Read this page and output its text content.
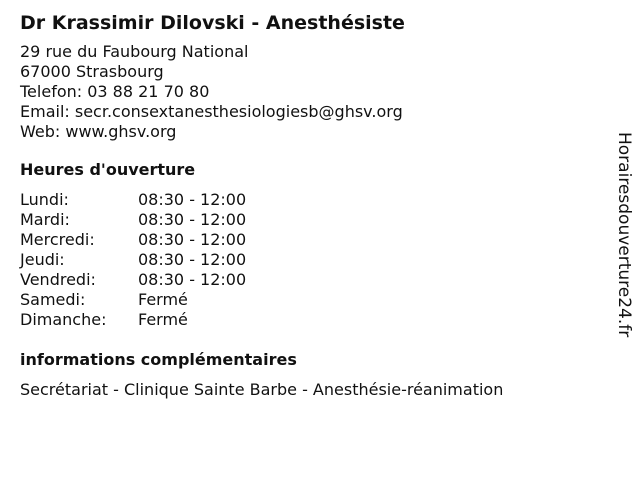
Dr Krassimir Dilovski - Anesthésiste
29 rue du Faubourg National
67000 Strasbourg
Telefon: 03 88 21 70 80
Email: secr.consextanesthesiologiesb@ghsv.org
Web: www.ghsv.org
Heures d'ouverture
Lundi:	08:30 - 12:00
Mardi:	08:30 - 12:00
Mercredi:	08:30 - 12:00
Jeudi:	08:30 - 12:00
Vendredi:	08:30 - 12:00
Samedi:	Fermé
Dimanche:	Fermé
informations complémentaires
Secrétariat - Clinique Sainte Barbe - Anesthésie-réanimation
Horairesdouverture24.fr
